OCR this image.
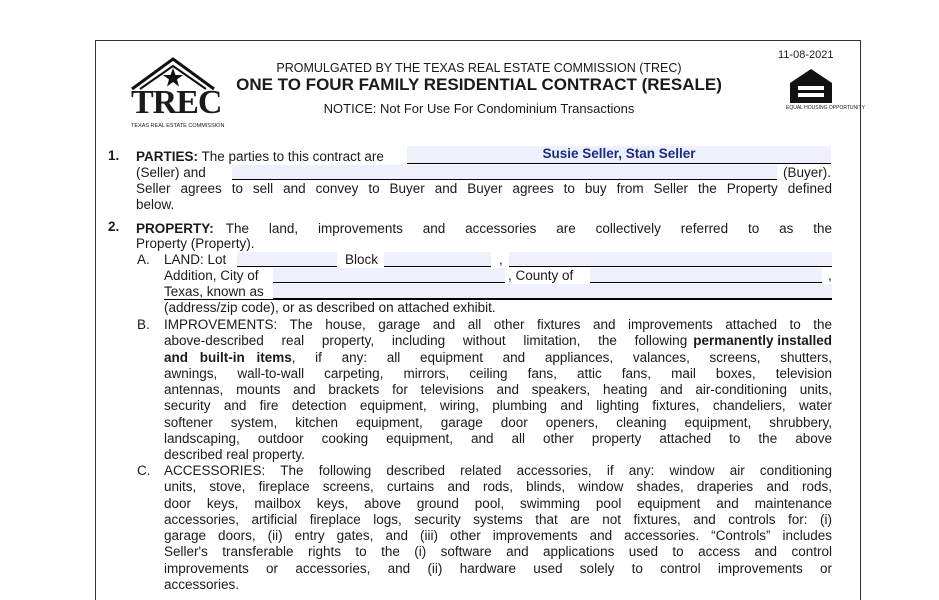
11-08-2021
PROMULGATED BY THE TEXAS REAL ESTATE COMMISSION (TREC)
ONE TO FOUR FAMILY RESIDENTIAL CONTRACT (RESALE)
NOTICE: Not For Use For Condominium Transactions
TREC
TEXAS REAL ESTATE COMMISSION
EQUAL HOUSING OPPORTUNITY
1. PARTIES: The parties to this contract are	Susie Seller, Stan Seller
(Seller) and	(Buyer).
Seller agrees to sell and convey to Buyer and Buyer agrees to buy from Seller the Property defined
below.
2. PROPERTY: The land, improvements and accessories are collectively referred to as the
Property (Property).
A. LAND: Lot	Block	,
Addition, City of	, County of	,
Texas, known as
(address/zip code), or as described on attached exhibit.
B. IMPROVEMENTS: The house, garage and all other fixtures and improvements attached to the
above-described real property, including without limitation, the following permanently installed
and built-in items , if any: all equipment and appliances, valances, screens, shutters,
awnings, wall-to-wall carpeting, mirrors, ceiling fans, attic fans, mail boxes, television
antennas, mounts and brackets for televisions and speakers, heating and air-conditioning units,
security and fire detection equipment, wiring, plumbing and lighting fixtures, chandeliers, water
softener system, kitchen equipment, garage door openers, cleaning equipment, shrubbery,
landscaping, outdoor cooking equipment, and all other property attached to the above
described real property.
C. ACCESSORIES: The following described related accessories, if any: window air conditioning
units, stove, fireplace screens, curtains and rods, blinds, window shades, draperies and rods,
door keys, mailbox keys, above ground pool, swimming pool equipment and maintenance
accessories, artificial fireplace logs, security systems that are not fixtures, and controls for: (i)
garage doors, (ii) entry gates, and (iii) other improvements and accessories. “Controls” includes
Seller's transferable rights to the (i) software and applications used to access and control
improvements or accessories, and (ii) hardware used solely to control improvements or
accessories.
